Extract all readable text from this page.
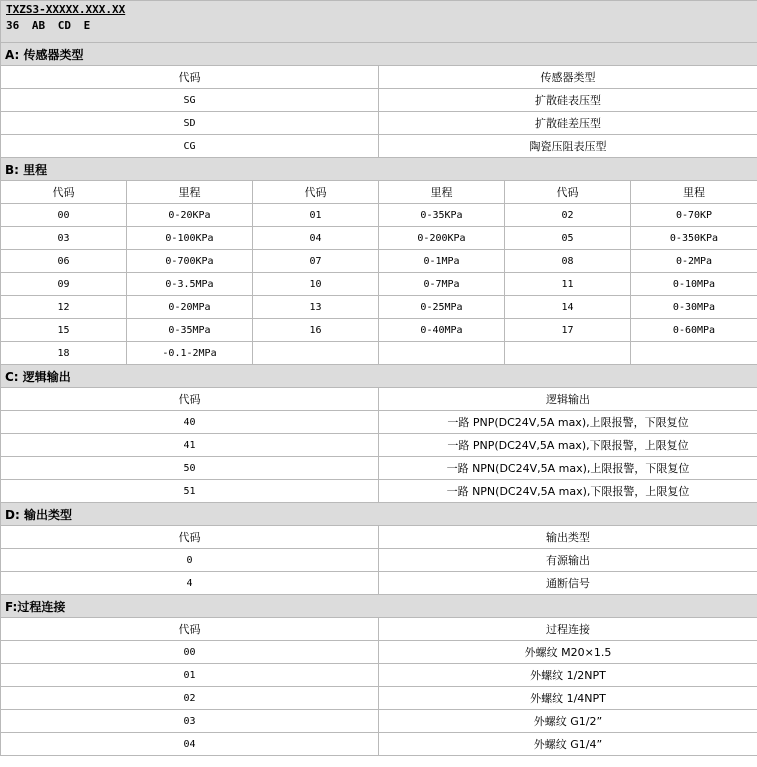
TXZS3-XXXXX.XXX.XX
36 AB CD E					

A: 传感器类型					
代码			传感器类型		
SG			扩散硅表压型		
SD			扩散硅差压型		
CG			陶瓷压阻表压型		
B: 里程					
代码	里程	代码	里程	代码	里程
00	0-20KPa	01	0-35KPa	02	0-70KP
03	0-100KPa	04	0-200KPa	05	0-350KPa
06	0-700KPa	07	0-1MPa	08	0-2MPa
09	0-3.5MPa	10	0-7MPa	11	0-10MPa
12	0-20MPa	13	0-25MPa	14	0-30MPa
15	0-35MPa	16	0-40MPa	17	0-60MPa
18	-0.1-2MPa				
C: 逻辑输出					
代码			逻辑输出		
40			一路 PNP(DC24V,5A max),上限报警，下限复位		
41			一路 PNP(DC24V,5A max),下限报警，上限复位		
50			一路 NPN(DC24V,5A max),上限报警，下限复位		
51			一路 NPN(DC24V,5A max),下限报警，上限复位		
D: 输出类型					
代码			输出类型		
0			有源输出		
4			通断信号		
F:过程连接					
代码			过程连接		
00			外螺纹 M20×1.5		
01			外螺纹 1/2NPT		
02			外螺纹 1/4NPT		
03			外螺纹 G1/2”		
04			外螺纹 G1/4”		
